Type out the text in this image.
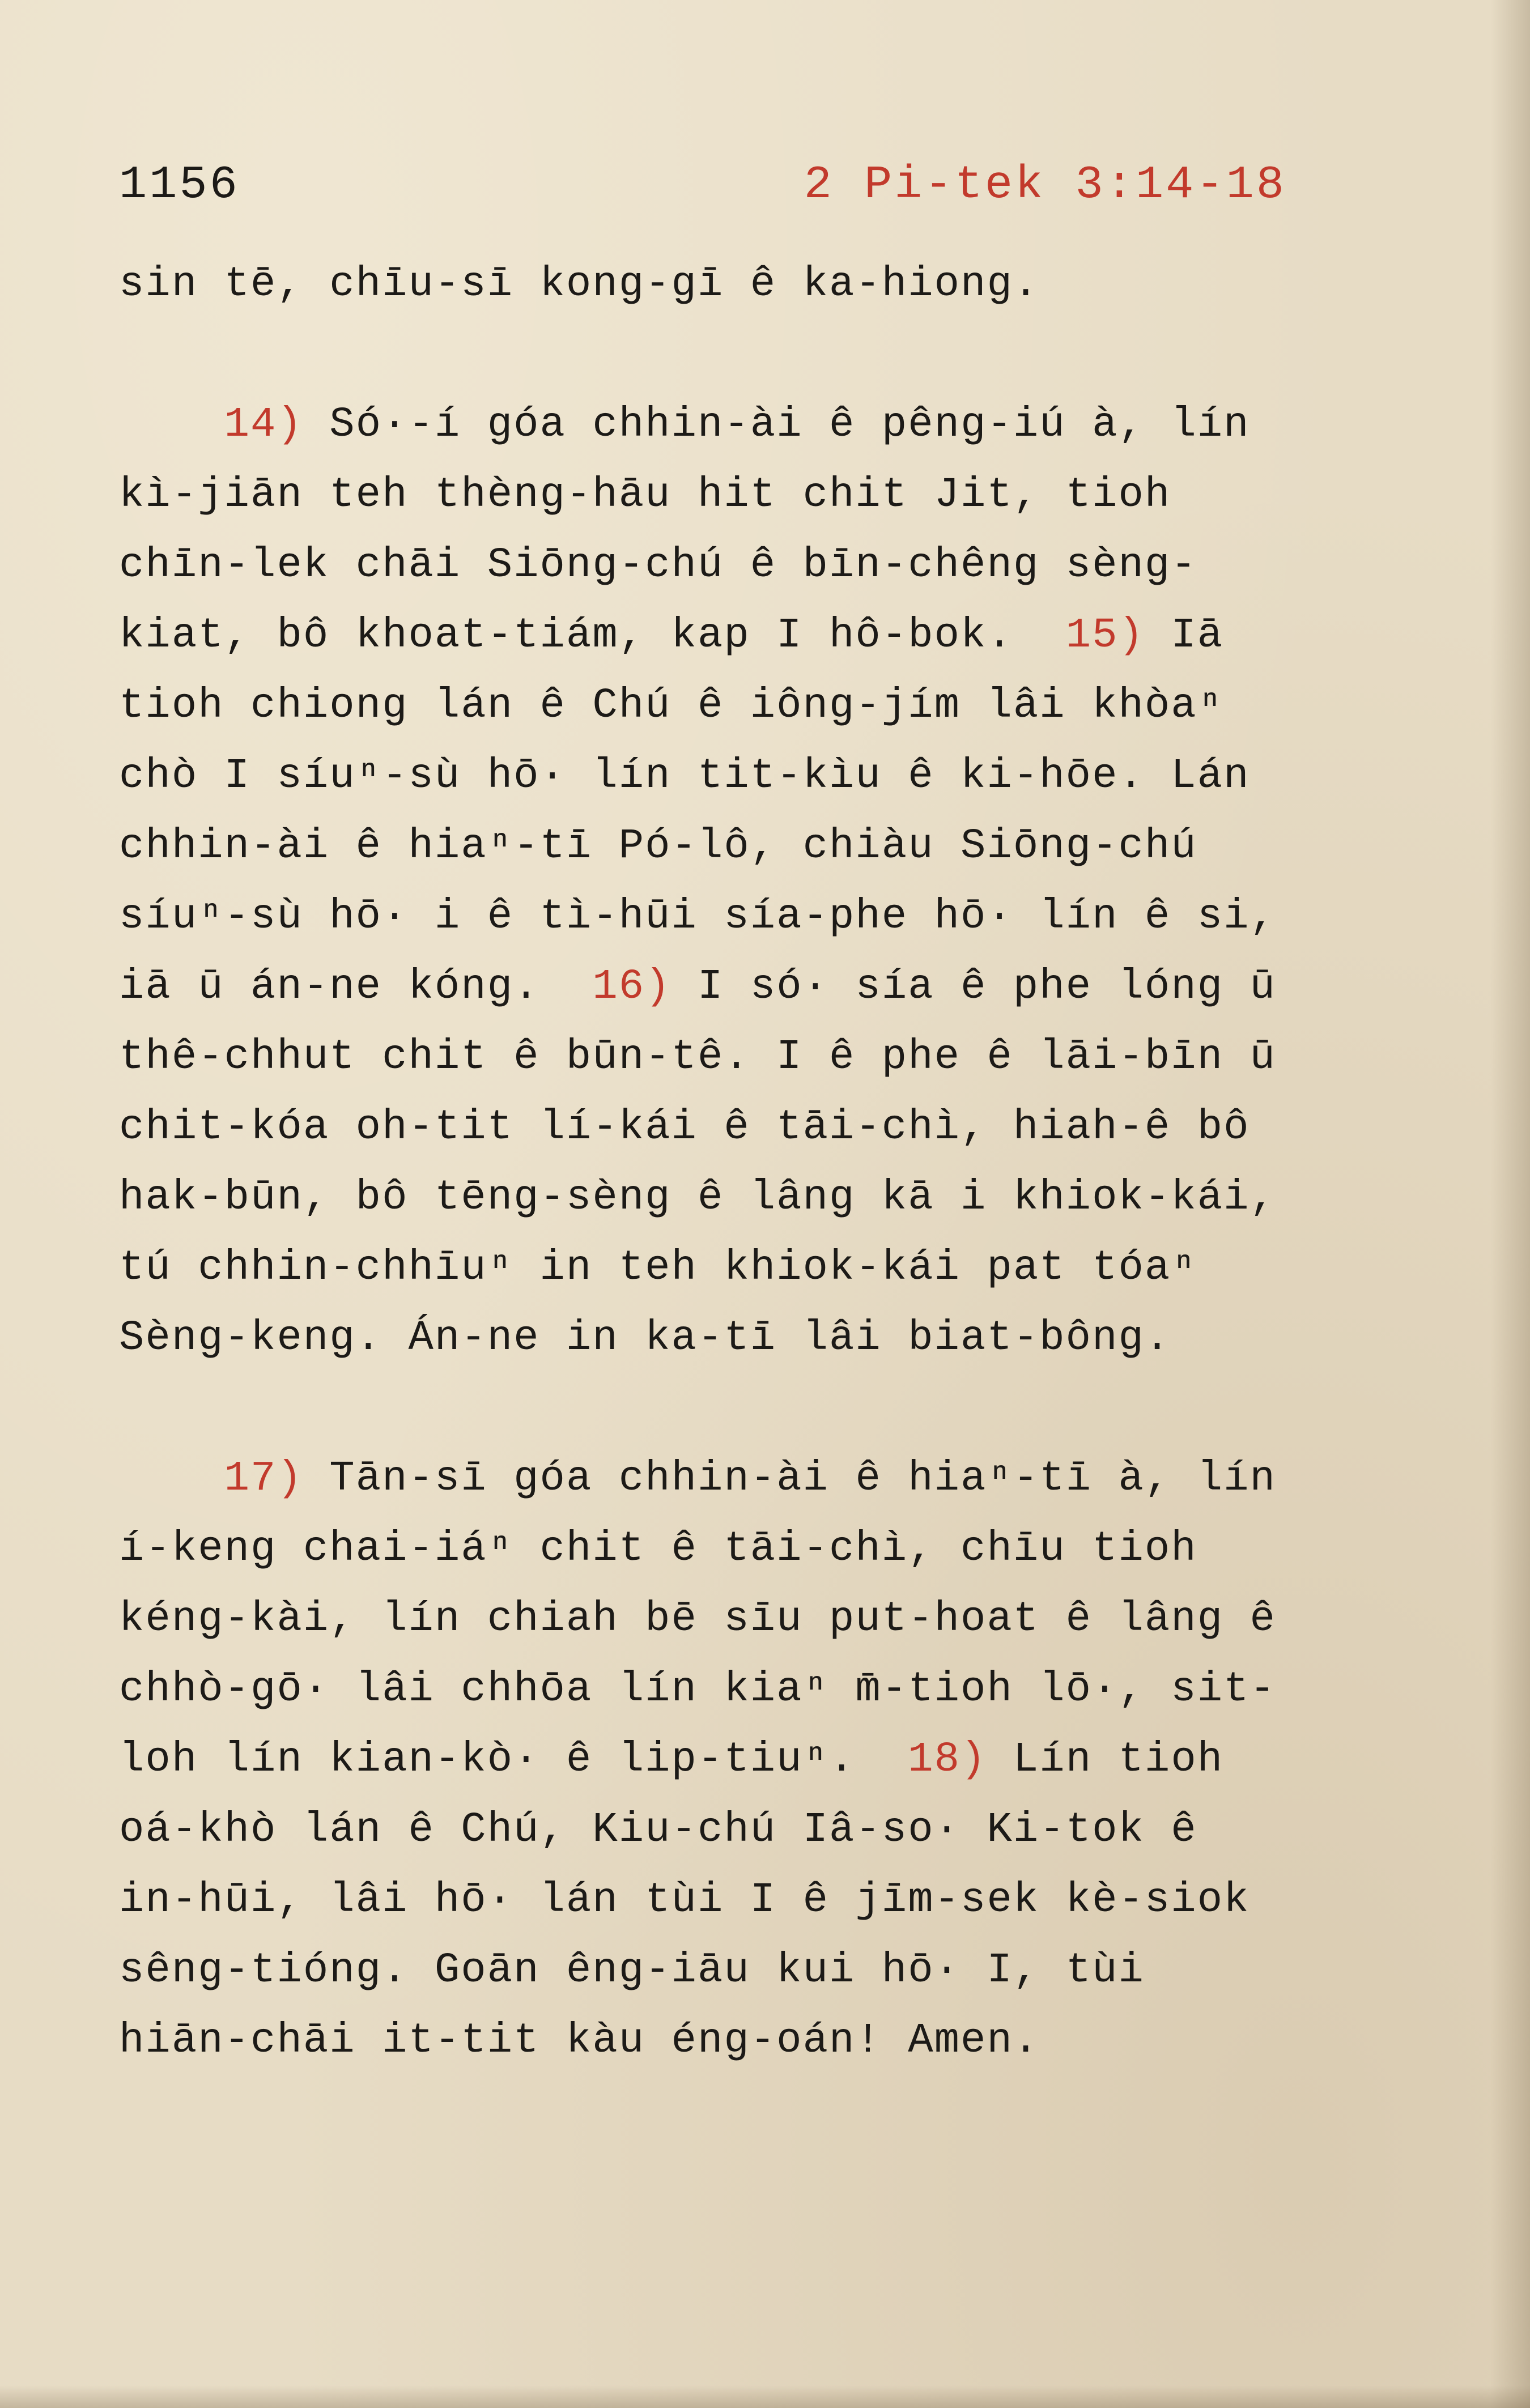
1156	2 Pi-tek 3:14-18
sin tē, chīu-sī kong-gī ê ka-hiong.
14) Só·-í góa chhin-ài ê pêng-iú à, lín
kì-jiān teh thèng-hāu hit chit Jit, tioh
chīn-lek chāi Siōng-chú ê bīn-chêng sèng-
kiat, bô khoat-tiám, kap I hô-bok. 15) Iā
tioh chiong lán ê Chú ê iông-jím lâi khòaⁿ
chò I síuⁿ-sù hō· lín tit-kìu ê ki-hōe. Lán
chhin-ài ê hiaⁿ-tī Pó-lô, chiàu Siōng-chú
síuⁿ-sù hō· i ê tì-hūi sía-phe hō· lín ê si,
iā ū án-ne kóng. 16) I só· sía ê phe lóng ū
thê-chhut chit ê būn-tê. I ê phe ê lāi-bīn ū
chit-kóa oh-tit lí-kái ê tāi-chì, hiah-ê bô
hak-būn, bô tēng-sèng ê lâng kā i khiok-kái,
tú chhin-chhīuⁿ in teh khiok-kái pat tóaⁿ
Sèng-keng. Án-ne in ka-tī lâi biat-bông.
17) Tān-sī góa chhin-ài ê hiaⁿ-tī à, lín
í-keng chai-iáⁿ chit ê tāi-chì, chīu tioh
kéng-kài, lín chiah bē sīu put-hoat ê lâng ê
chhò-gō· lâi chhōa lín kiaⁿ m̄-tioh lō·, sit-
loh lín kian-kò· ê lip-tiuⁿ. 18) Lín tioh
oá-khò lán ê Chú, Kiu-chú Iâ-so· Ki-tok ê
in-hūi, lâi hō· lán tùi I ê jīm-sek kè-siok
sêng-tióng. Goān êng-iāu kui hō· I, tùi
hiān-chāi it-tit kàu éng-oán! Amen.
